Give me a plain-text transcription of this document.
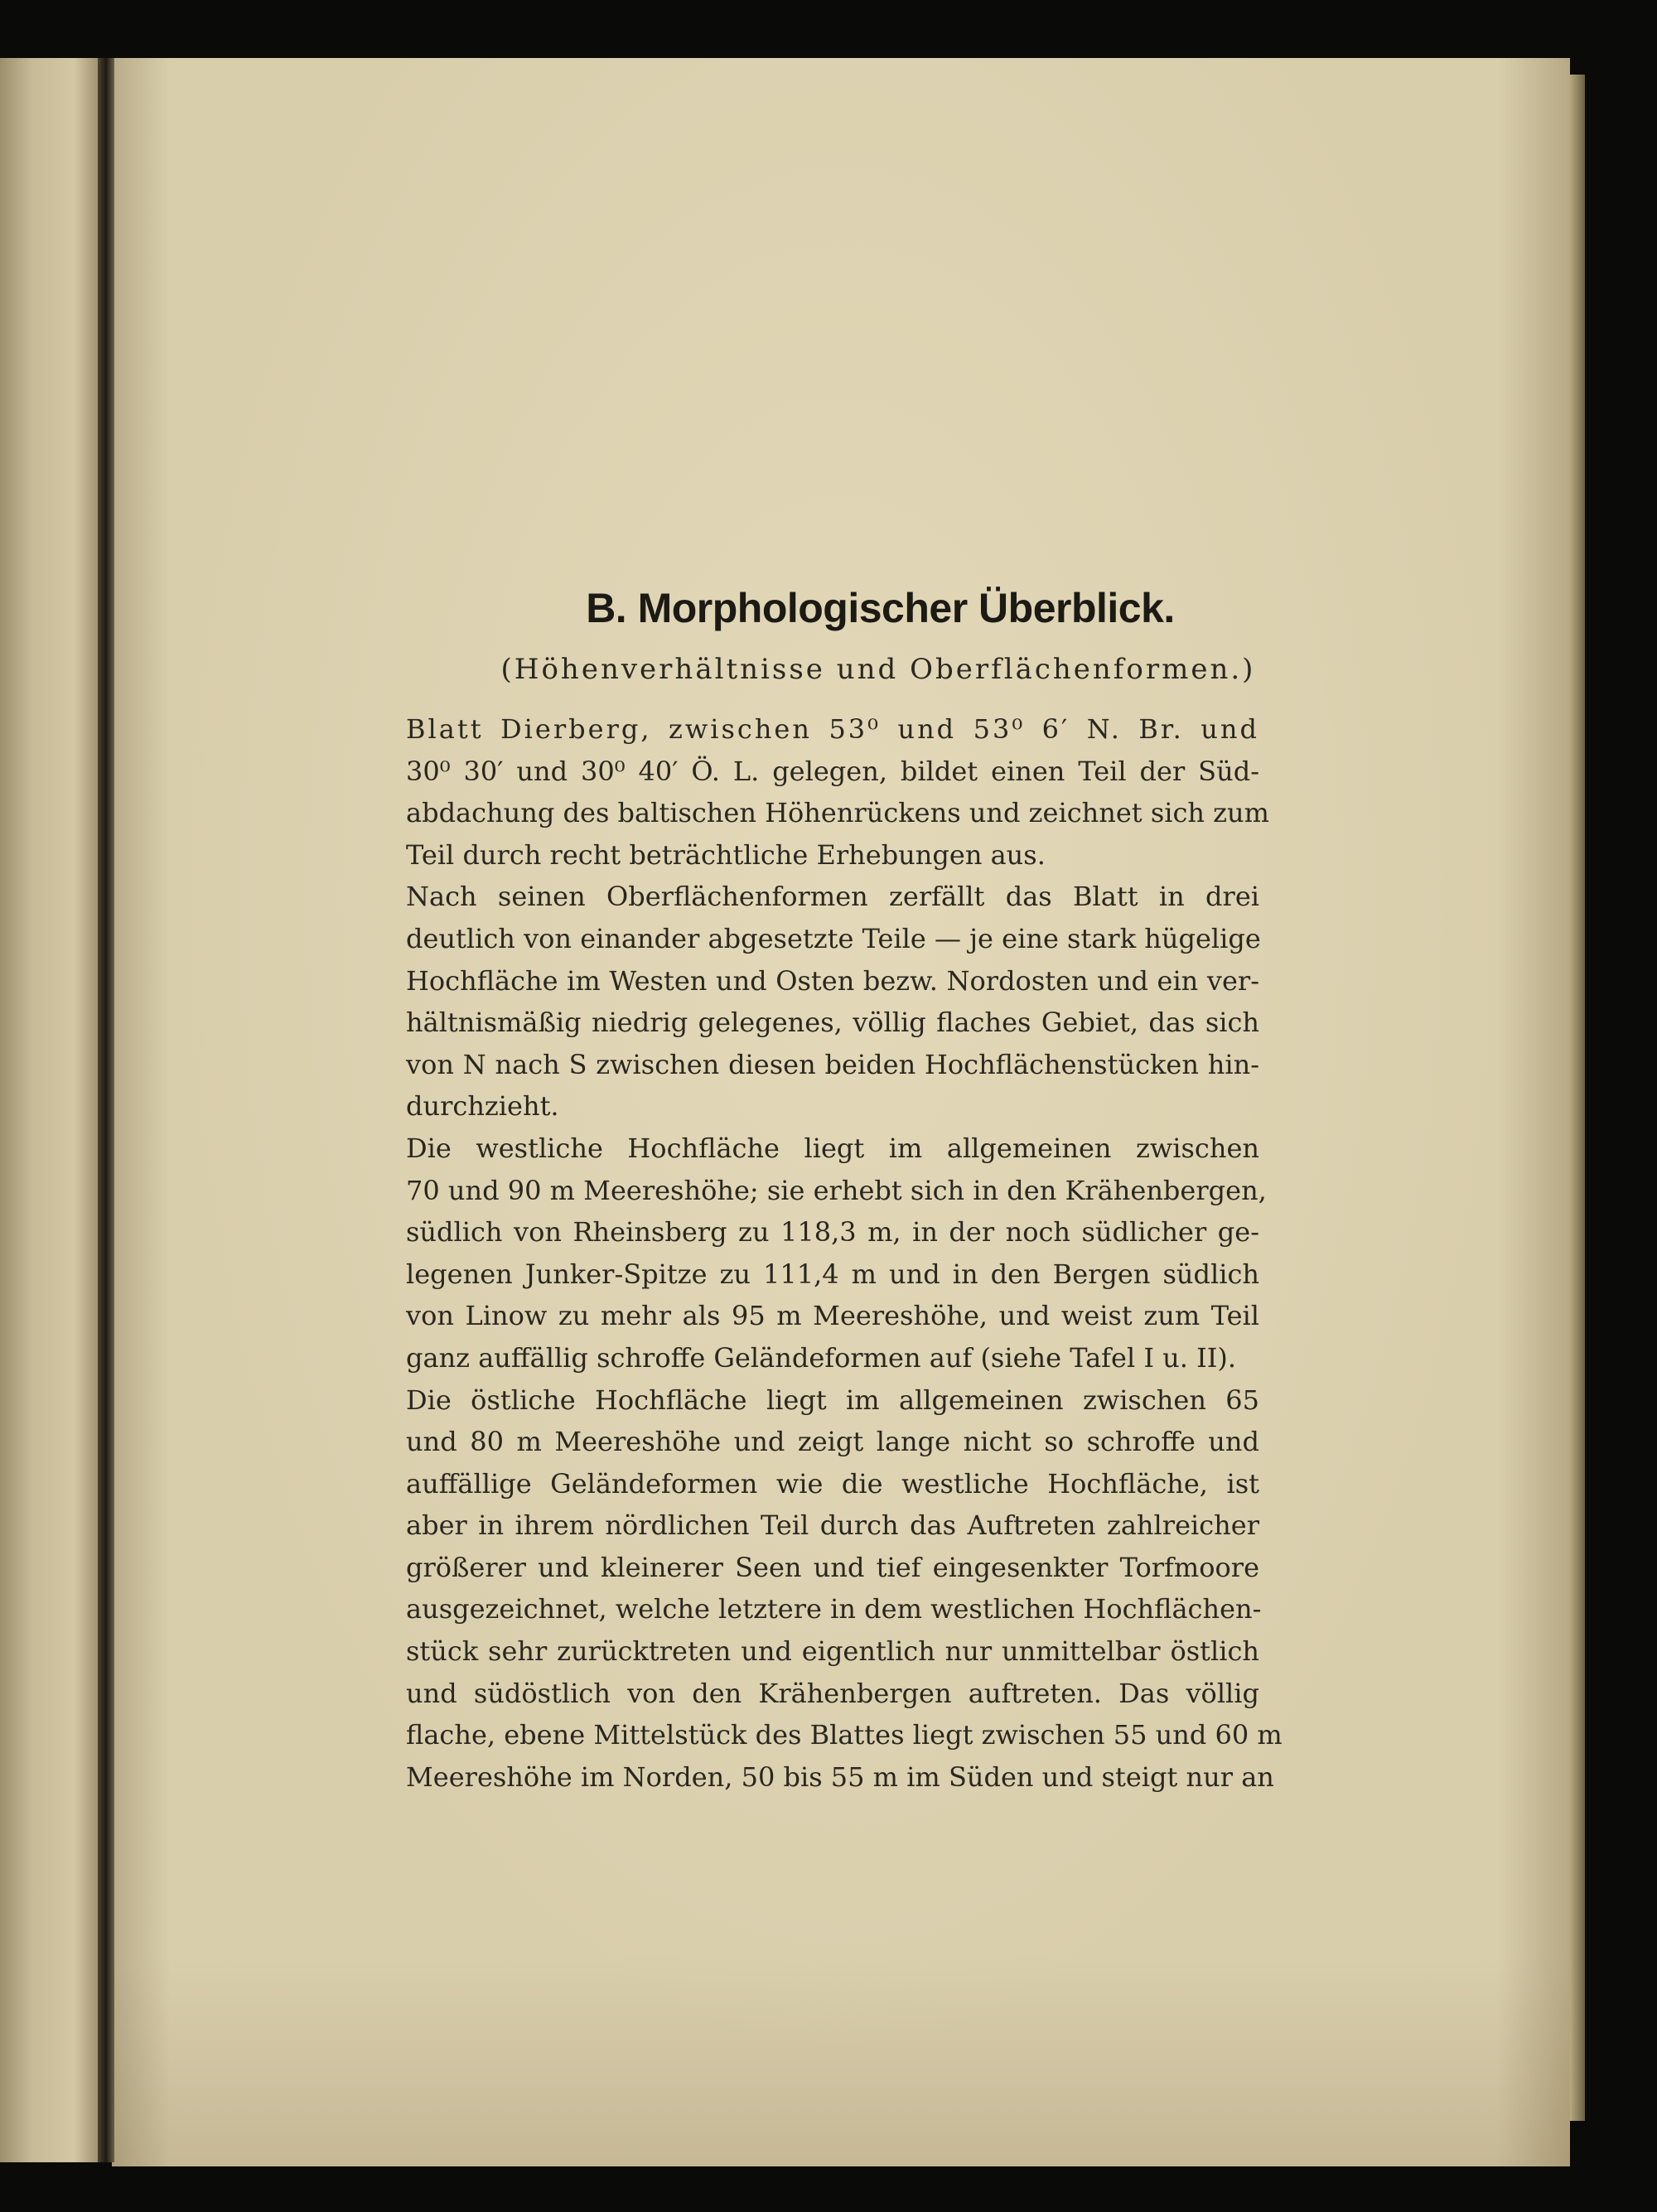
B. Morphologischer Überblick.
(Höhenverhältnisse und Oberflächenformen.)

Blatt Dierberg, zwischen 53⁰ und 53⁰ 6′ N. Br. und
30⁰ 30′ und 30⁰ 40′ Ö. L. gelegen, bildet einen Teil der Süd-
abdachung des baltischen Höhenrückens und zeichnet sich zum
Teil durch recht beträchtliche Erhebungen aus.

Nach seinen Oberflächenformen zerfällt das Blatt in drei
deutlich von einander abgesetzte Teile — je eine stark hügelige
Hochfläche im Westen und Osten bezw. Nordosten und ein ver-
hältnismäßig niedrig gelegenes, völlig flaches Gebiet, das sich
von N nach S zwischen diesen beiden Hochflächenstücken hin-
durchzieht.

Die westliche Hochfläche liegt im allgemeinen zwischen
70 und 90 m Meereshöhe; sie erhebt sich in den Krähenbergen,
südlich von Rheinsberg zu 118,3 m, in der noch südlicher ge-
legenen Junker-Spitze zu 111,4 m und in den Bergen südlich
von Linow zu mehr als 95 m Meereshöhe, und weist zum Teil
ganz auffällig schroffe Geländeformen auf (siehe Tafel I u. II).

Die östliche Hochfläche liegt im allgemeinen zwischen 65
und 80 m Meereshöhe und zeigt lange nicht so schroffe und
auffällige Geländeformen wie die westliche Hochfläche, ist
aber in ihrem nördlichen Teil durch das Auftreten zahlreicher
größerer und kleinerer Seen und tief eingesenkter Torfmoore
ausgezeichnet, welche letztere in dem westlichen Hochflächen-
stück sehr zurücktreten und eigentlich nur unmittelbar östlich
und südöstlich von den Krähenbergen auftreten. Das völlig
flache, ebene Mittelstück des Blattes liegt zwischen 55 und 60 m
Meereshöhe im Norden, 50 bis 55 m im Süden und steigt nur an
